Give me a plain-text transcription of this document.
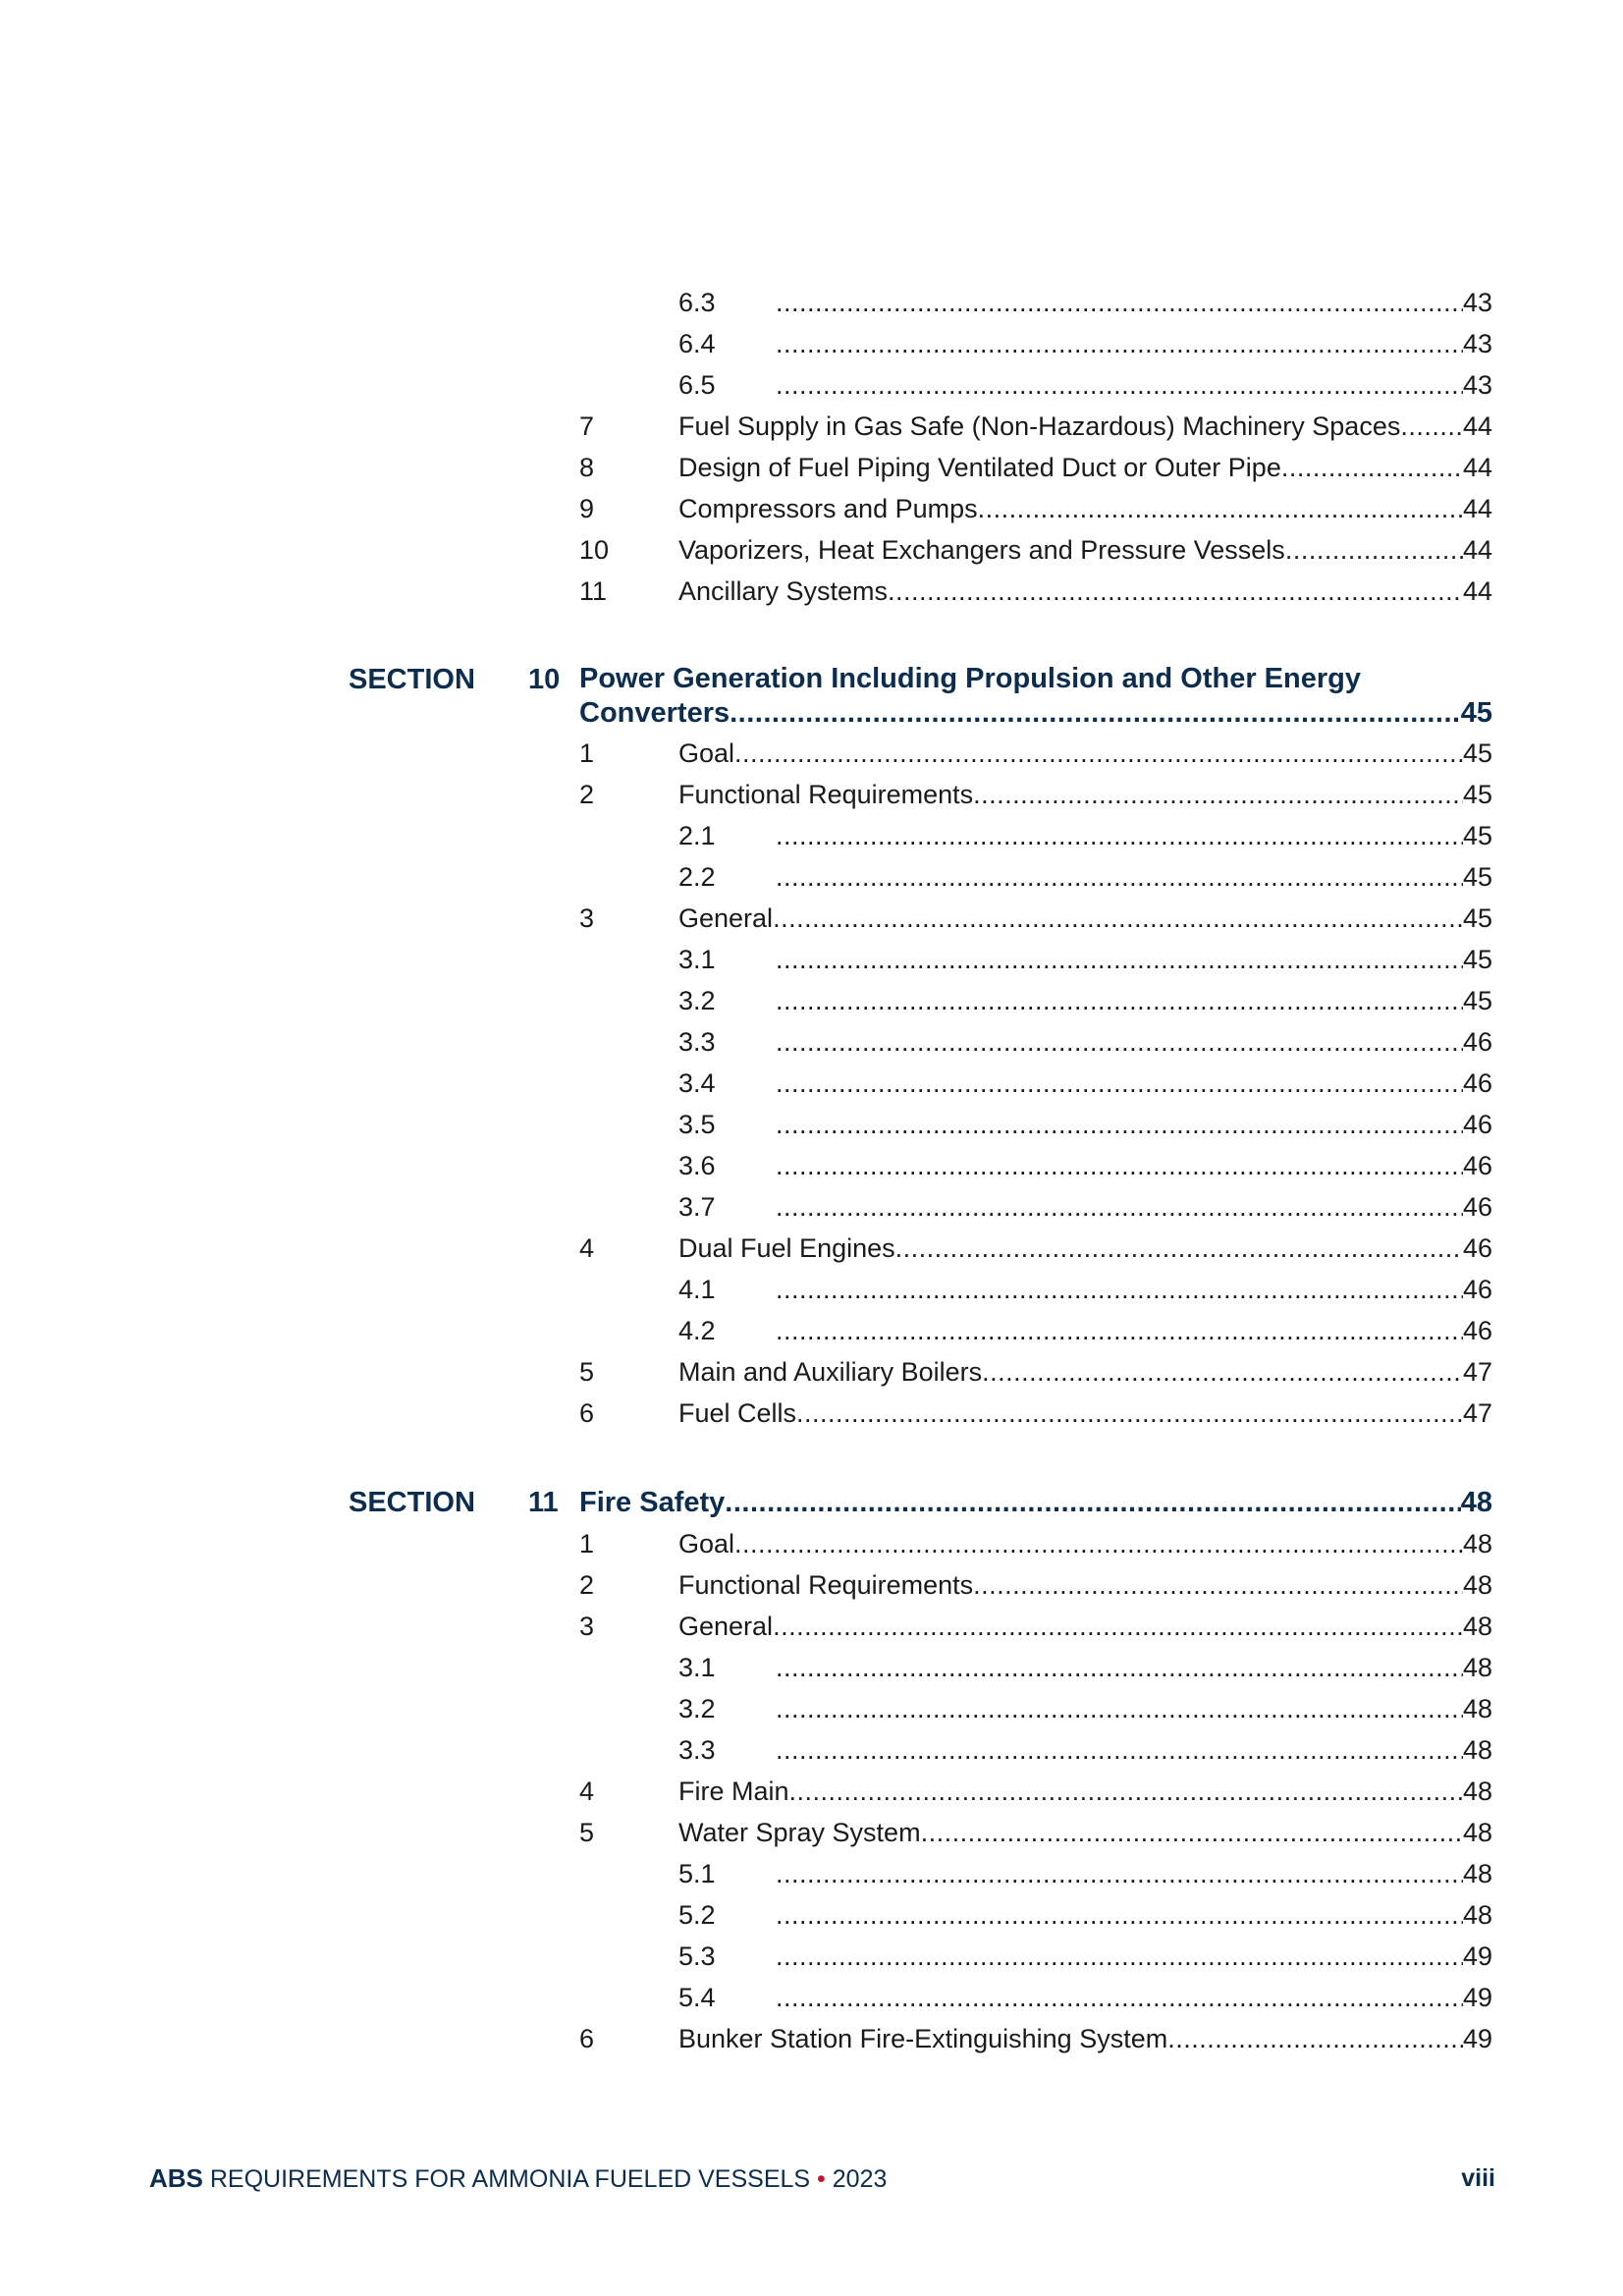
6.3 .....	43
6.4 .....	43
6.5 .....	43
7	Fuel Supply in Gas Safe (Non-Hazardous) Machinery Spaces ..... 44
8	Design of Fuel Piping Ventilated Duct or Outer Pipe .....	44
9	Compressors and Pumps .....	44
10	Vaporizers, Heat Exchangers and Pressure Vessels .....	44
11	Ancillary Systems .....	44
SECTION 10 Power Generation Including Propulsion and Other Energy
Converters .....	45
1	Goal .....	45
2	Functional Requirements .....	45
2.1 .....	45
2.2 .....	45
3	General .....	45
3.1 .....	45
3.2 .....	45
3.3 .....	46
3.4 .....	46
3.5 .....	46
3.6 .....	46
3.7 .....	46
4	Dual Fuel Engines .....	46
4.1 .....	46
4.2 .....	46
5	Main and Auxiliary Boilers .....	47
6	Fuel Cells .....	47
SECTION 11 Fire Safety .....	48
1	Goal .....	48
2	Functional Requirements .....	48
3	General .....	48
3.1 .....	48
3.2 .....	48
3.3 .....	48
4	Fire Main .....	48
5	Water Spray System .....	48
5.1 .....	48
5.2 .....	48
5.3 .....	49
5.4 .....	49
6	Bunker Station Fire-Extinguishing System .....	49
ABS REQUIREMENTS FOR AMMONIA FUELED VESSELS • 2023	viii
